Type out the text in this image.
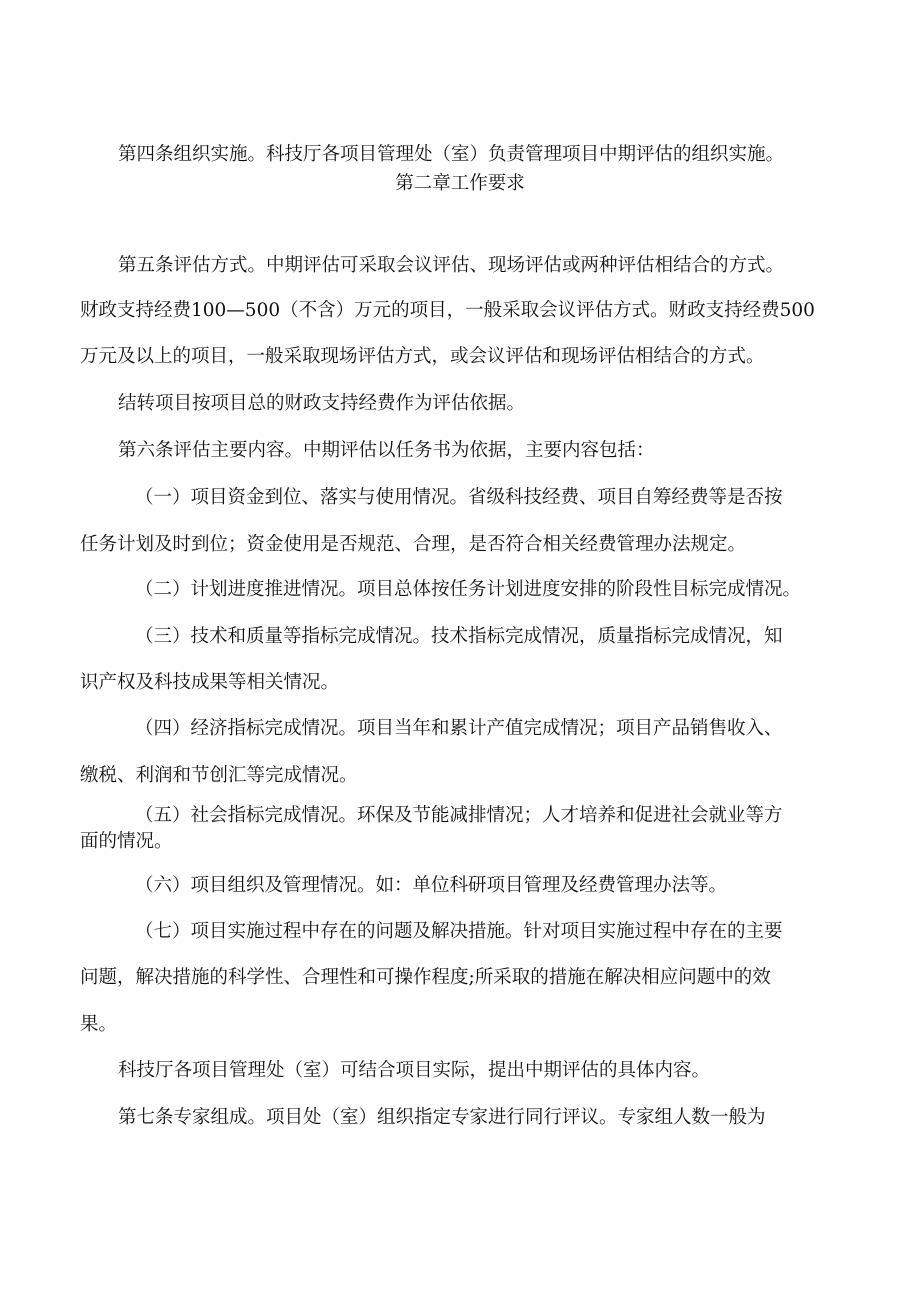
第四条组织实施。科技厅各项目管理处（室）负责管理项目中期评估的组织实施。
第二章工作要求
第五条评估方式。中期评估可采取会议评估、现场评估或两种评估相结合的方式。
财政支持经费100—500（不含）万元的项目，一般采取会议评估方式。财政支持经费500
万元及以上的项目，一般采取现场评估方式，或会议评估和现场评估相结合的方式。
结转项目按项目总的财政支持经费作为评估依据。
第六条评估主要内容。中期评估以任务书为依据，主要内容包括：
（一）项目资金到位、落实与使用情况。省级科技经费、项目自筹经费等是否按
任务计划及时到位；资金使用是否规范、合理，是否符合相关经费管理办法规定。
（二）计划进度推进情况。项目总体按任务计划进度安排的阶段性目标完成情况。
（三）技术和质量等指标完成情况。技术指标完成情况，质量指标完成情况，知
识产权及科技成果等相关情况。
（四）经济指标完成情况。项目当年和累计产值完成情况；项目产品销售收入、
缴税、利润和节创汇等完成情况。
（五）社会指标完成情况。环保及节能减排情况；人才培养和促进社会就业等方
面的情况。
（六）项目组织及管理情况。如：单位科研项目管理及经费管理办法等。
（七）项目实施过程中存在的问题及解决措施。针对项目实施过程中存在的主要
问题，解决措施的科学性、合理性和可操作程度;所采取的措施在解决相应问题中的效
果。
科技厅各项目管理处（室）可结合项目实际，提出中期评估的具体内容。
第七条专家组成。项目处（室）组织指定专家进行同行评议。专家组人数一般为
